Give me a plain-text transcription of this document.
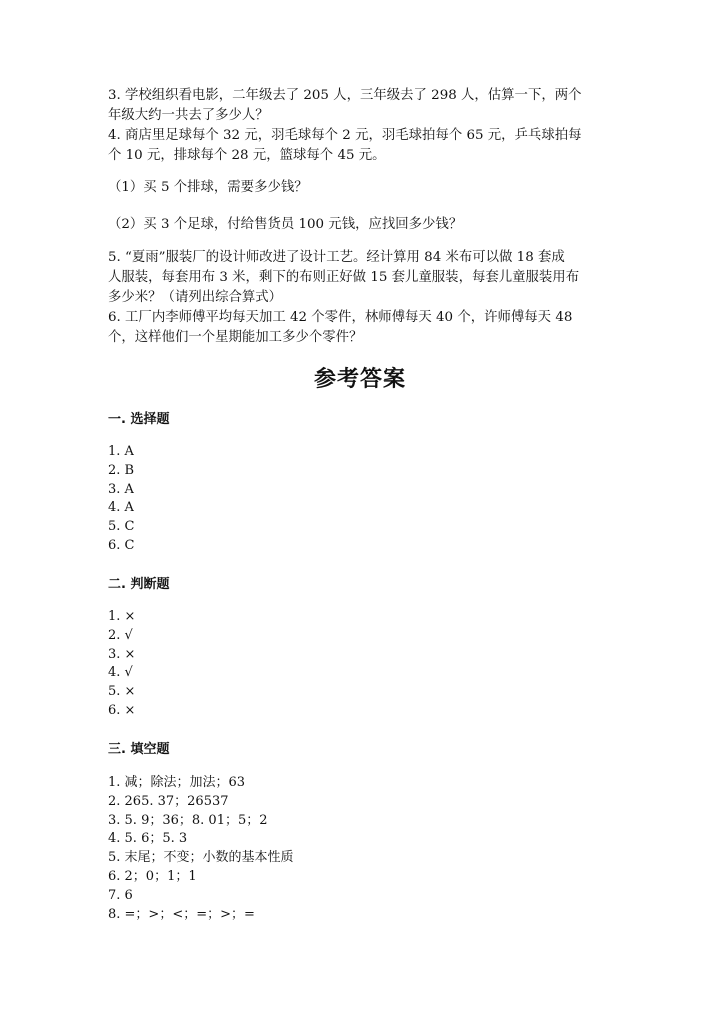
3. 学校组织看电影，二年级去了 205 人，三年级去了 298 人，估算一下，两个

年级大约一共去了多少人？

4. 商店里足球每个 32 元，羽毛球每个 2 元，羽毛球拍每个 65 元，乒乓球拍每

个 10 元，排球每个 28 元，篮球每个 45 元。

（1）买 5 个排球，需要多少钱？
（2）买 3 个足球，付给售货员 100 元钱，应找回多少钱？

5. “夏雨”服装厂的设计师改进了设计工艺。经计算用 84 米布可以做 18 套成

人服装，每套用布 3 米，剩下的布则正好做 15 套儿童服装，每套儿童服装用布

多少米？（请列出综合算式）

6. 工厂内李师傅平均每天加工 42 个零件，林师傅每天 40 个，许师傅每天 48

个，这样他们一个星期能加工多少个零件？

参考答案
一. 选择题
1. A
2. B
3. A
4. A
5. C
6. C
二. 判断题
1. ×
2. √
3. ×
4. √
5. ×
6. ×
三. 填空题
1. 减；除法；加法；63
2. 265. 37；26537
3. 5. 9；36；8. 01；5；2
4. 5. 6；5. 3
5. 末尾；不变；小数的基本性质
6. 2；0；1；1
7. 6
8. =；>；<；=；>；=
